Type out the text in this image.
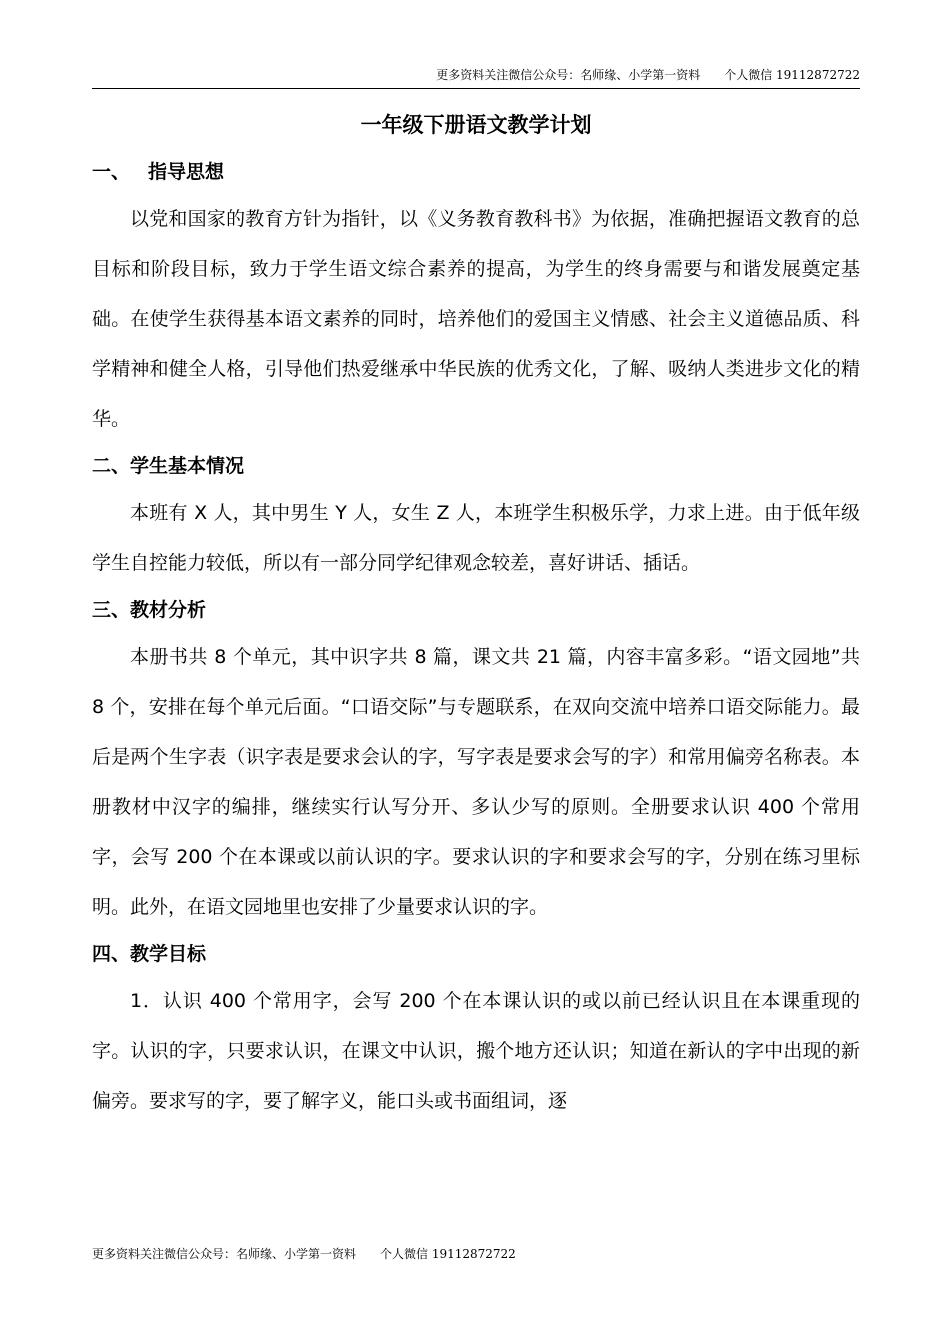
更多资料关注微信公众号：名师缘、小学第一资料　　个人微信 19112872722
一年级下册语文教学计划
一、 指导思想

以党和国家的教育方针为指针，以《义务教育教科书》为依据，准确把握语文教育的总目标和阶段目标，致力于学生语文综合素养的提高，为学生的终身需要与和谐发展奠定基础。在使学生获得基本语文素养的同时，培养他们的爱国主义情感、社会主义道德品质、科学精神和健全人格，引导他们热爱继承中华民族的优秀文化，了解、吸纳人类进步文化的精华。

二、学生基本情况

本班有 X 人，其中男生 Y 人，女生 Z 人，本班学生积极乐学，力求上进。由于低年级学生自控能力较低，所以有一部分同学纪律观念较差，喜好讲话、插话。

三、教材分析

本册书共 8 个单元，其中识字共 8 篇，课文共 21 篇，内容丰富多彩。“语文园地”共 8 个，安排在每个单元后面。“口语交际”与专题联系，在双向交流中培养口语交际能力。最后是两个生字表（识字表是要求会认的字，写字表是要求会写的字）和常用偏旁名称表。本册教材中汉字的编排，继续实行认写分开、多认少写的原则。全册要求认识 400 个常用字，会写 200 个在本课或以前认识的字。要求认识的字和要求会写的字，分别在练习里标明。此外，在语文园地里也安排了少量要求认识的字。

四、教学目标

1．认识 400 个常用字，会写 200 个在本课认识的或以前已经认识且在本课重现的字。认识的字，只要求认识，在课文中认识，搬个地方还认识；知道在新认的字中出现的新偏旁。要求写的字，要了解字义，能口头或书面组词，逐

更多资料关注微信公众号：名师缘、小学第一资料　　个人微信 19112872722
